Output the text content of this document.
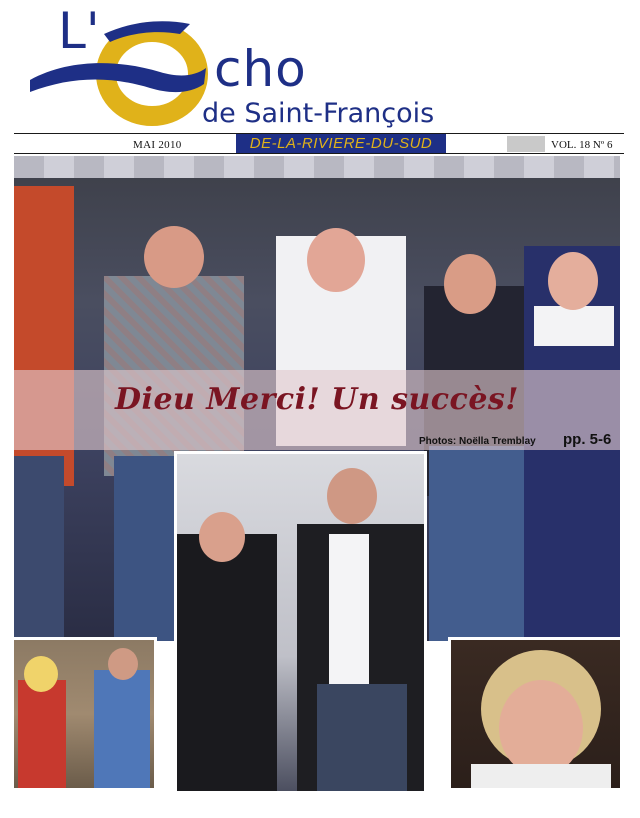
L'
cho
de Saint-François
MAI 2010	DE-LA-RIVIERE-DU-SUD	VOL. 18 Nº 6
Dieu Merci! Un succès!
Photos: Noëlla Tremblay pp. 5-6
